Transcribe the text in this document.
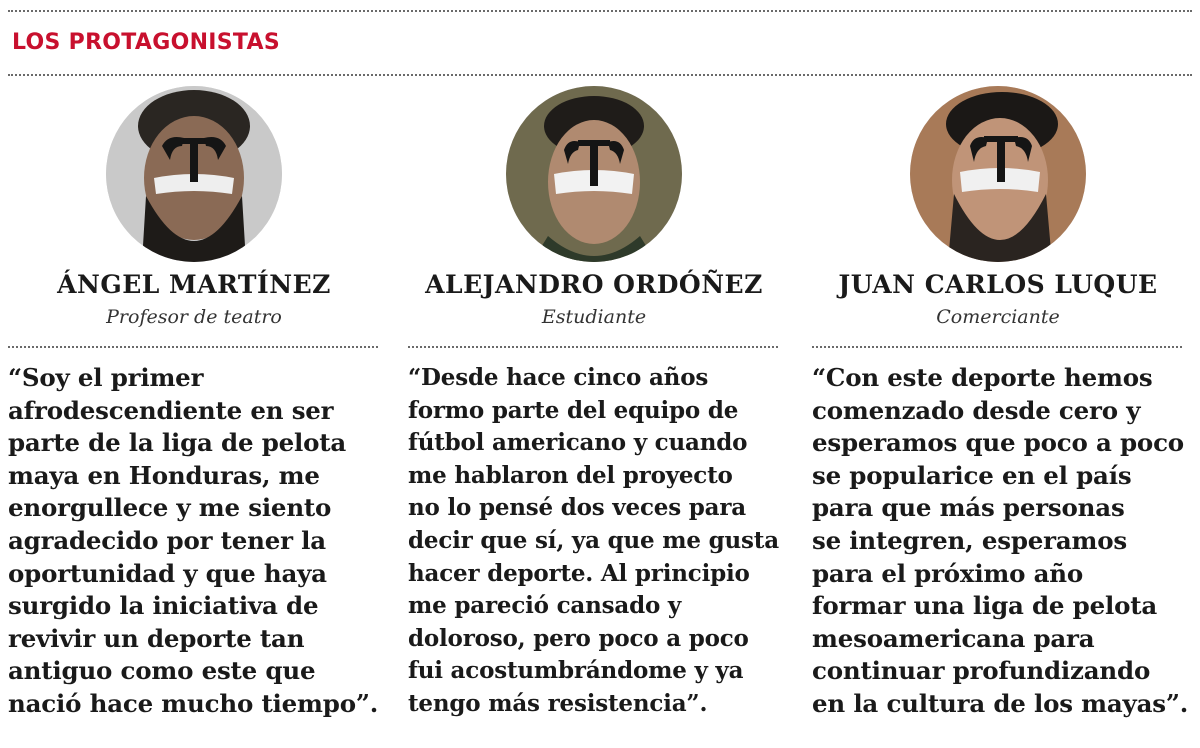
LOS PROTAGONISTAS
ÁNGEL MARTÍNEZ

Profesor de teatro

“Soy el primer
afrodescendiente en ser
parte de la liga de pelota
maya en Honduras, me
enorgullece y me siento
agradecido por tener la
oportunidad y que haya
surgido la iniciativa de
revivir un deporte tan
antiguo como este que
nació hace mucho tiempo”.

ALEJANDRO ORDÓÑEZ

Estudiante

“Desde hace cinco años
formo parte del equipo de
fútbol americano y cuando
me hablaron del proyecto
no lo pensé dos veces para
decir que sí, ya que me gusta
hacer deporte. Al principio
me pareció cansado y
doloroso, pero poco a poco
fui acostumbrándome y ya
tengo más resistencia”.

JUAN CARLOS LUQUE

Comerciante

“Con este deporte hemos
comenzado desde cero y
esperamos que poco a poco
se popularice en el país
para que más personas
se integren, esperamos
para el próximo año
formar una liga de pelota
mesoamericana para
continuar profundizando
en la cultura de los mayas”.
